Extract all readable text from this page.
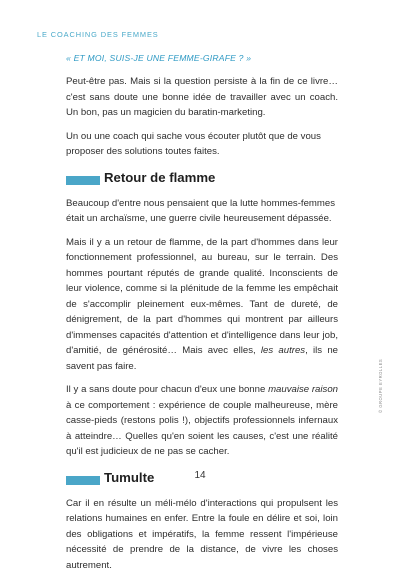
LE COACHING DES FEMMES
« ET MOI, SUIS-JE UNE FEMME-GIRAFE ? »

Peut-être pas. Mais si la question persiste à la fin de ce livre… c'est sans doute une bonne idée de travailler avec un coach. Un bon, pas un magicien du baratin-marketing.

Un ou une coach qui sache vous écouter plutôt que de vous proposer des solutions toutes faites.

Retour de flamme

Beaucoup d'entre nous pensaient que la lutte hommes-femmes était un archaïsme, une guerre civile heureusement dépassée.

Mais il y a un retour de flamme, de la part d'hommes dans leur fonctionnement professionnel, au bureau, sur le terrain. Des hommes pourtant réputés de grande qualité. Inconscients de leur violence, comme si la plénitude de la femme les empêchait de s'accomplir pleinement eux-mêmes. Tant de dureté, de dénigrement, de la part d'hommes qui montrent par ailleurs d'immenses capacités d'attention et d'intelligence dans leur job, d'amitié, de générosité… Mais avec elles, les autres, ils ne savent pas faire.

Il y a sans doute pour chacun d'eux une bonne mauvaise raison à ce comportement : expérience de couple malheureuse, mère casse-pieds (restons polis !), objectifs professionnels infernaux à atteindre… Quelles qu'en soient les causes, c'est une réalité qu'il est judicieux de ne pas se cacher.

Tumulte

Car il en résulte un méli-mélo d'interactions qui propulsent les relations humaines en enfer. Entre la foule en délire et soi, loin des obligations et impératifs, la femme ressent l'impérieuse nécessité de prendre de la distance, de vivre les choses autrement.

© GROUPE EYROLLES
14
